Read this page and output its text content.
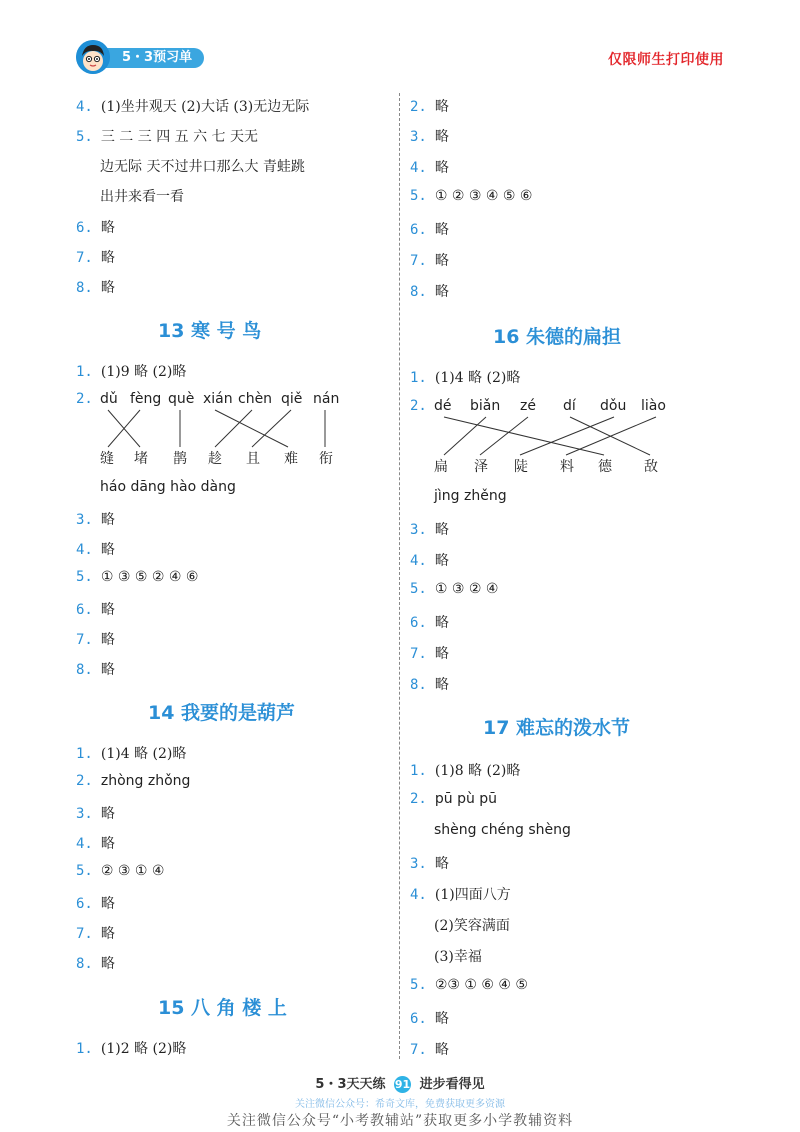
5・3预习单	仅限师生打印使用
4. (1)坐井观天 (2)大话 (3)无边无际
5. 三 二 三 四 五 六 七 天无
边无际 天不过井口那么大 青蛙跳
出井来看一看
6. 略
7. 略
8. 略
13 寒 号 鸟
1. (1)9 略 (2)略
2. dǔ fèng què xián chèn qiě nán
缝 堵 鹊 趁 且 难 衔
háo dāng hào dàng
3. 略
4. 略
5. ① ③ ⑤ ② ④ ⑥
6. 略
7. 略
8. 略
14 我要的是葫芦
1. (1)4 略 (2)略
2. zhòng zhǒng
3. 略
4. 略
5. ② ③ ① ④
6. 略
7. 略
8. 略
15 八 角 楼 上
1. (1)2 略 (2)略
2. 略
3. 略
4. 略
5. ① ② ③ ④ ⑤ ⑥
6. 略
7. 略
8. 略
16 朱德的扁担
1. (1)4 略 (2)略
2. dé biǎn zé dí dǒu liào
扁 泽 陡 料 德 敌
jìng zhěng
3. 略
4. 略
5. ① ③ ② ④
6. 略
7. 略
8. 略
17 难忘的泼水节
1. (1)8 略 (2)略
2. pū pù pū
shèng chéng shèng
3. 略
4. (1)四面八方
(2)笑容满面
(3)幸福
5. ②③ ① ⑥ ④ ⑤
6. 略
7. 略
5・3天天练 91 进步看得见
关注微信公众号：希奇文库，免费获取更多资源
关注微信公众号“小考教辅站”获取更多小学教辅资料
